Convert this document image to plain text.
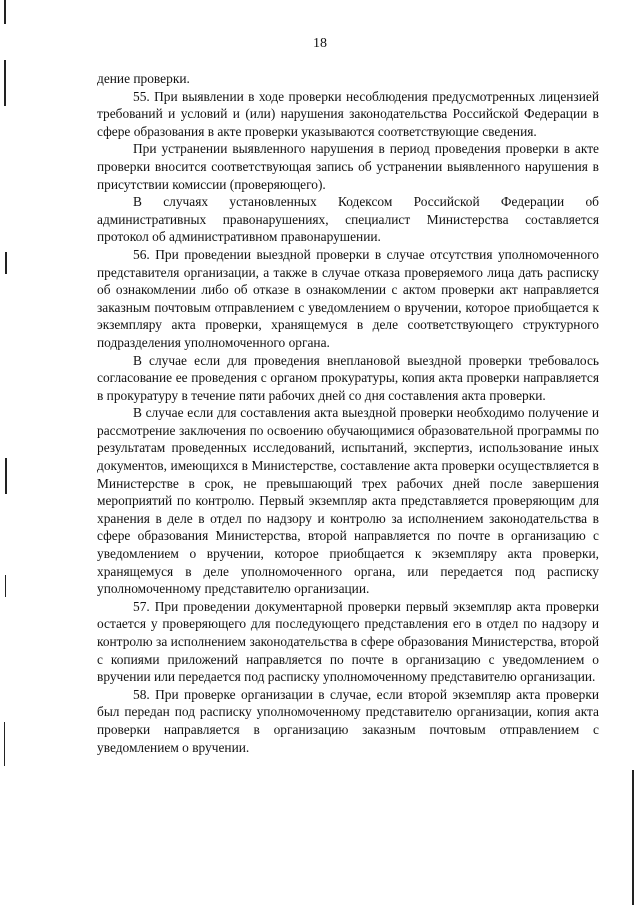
18

дение проверки.

55. При выявлении в ходе проверки несоблюдения предусмотренных лицензией требований и условий и (или) нарушения законодательства Российской Федерации в сфере образования в акте проверки указываются соответствующие сведения.

При устранении выявленного нарушения в период проведения проверки в акте проверки вносится соответствующая запись об устранении выявленного нарушения в присутствии комиссии (проверяющего).

В случаях установленных Кодексом Российской Федерации об административных правонарушениях, специалист Министерства составляется протокол об административном правонарушении.

56. При проведении выездной проверки в случае отсутствия уполномоченного представителя организации, а также в случае отказа проверяемого лица дать расписку об ознакомлении либо об отказе в ознакомлении с актом проверки акт направляется заказным почтовым отправлением с уведомлением о вручении, которое приобщается к экземпляру акта проверки, хранящемуся в деле соответствующего структурного подразделения уполномоченного органа.

В случае если для проведения внеплановой выездной проверки требовалось согласование ее проведения с органом прокуратуры, копия акта проверки направляется в прокуратуру в течение пяти рабочих дней со дня составления акта проверки.

В случае если для составления акта выездной проверки необходимо получение и рассмотрение заключения по освоению обучающимися образовательной программы по результатам проведенных исследований, испытаний, экспертиз, использование иных документов, имеющихся в Министерстве, составление акта проверки осуществляется в Министерстве в срок, не превышающий трех рабочих дней после завершения мероприятий по контролю. Первый экземпляр акта представляется проверяющим для хранения в деле в отдел по надзору и контролю за исполнением законодательства в сфере образования Министерства, второй направляется по почте в организацию с уведомлением о вручении, которое приобщается к экземпляру акта проверки, хранящемуся в деле уполномоченного органа, или передается под расписку уполномоченному представителю организации.

57. При проведении документарной проверки первый экземпляр акта проверки остается у проверяющего для последующего представления его в отдел по надзору и контролю за исполнением законодательства в сфере образования Министерства, второй с копиями приложений направляется по почте в организацию с уведомлением о вручении или передается под расписку уполномоченному представителю организации.

58. При проверке организации в случае, если второй экземпляр акта проверки был передан под расписку уполномоченному представителю организации, копия акта проверки направляется в организацию заказным почтовым отправлением с уведомлением о вручении.
